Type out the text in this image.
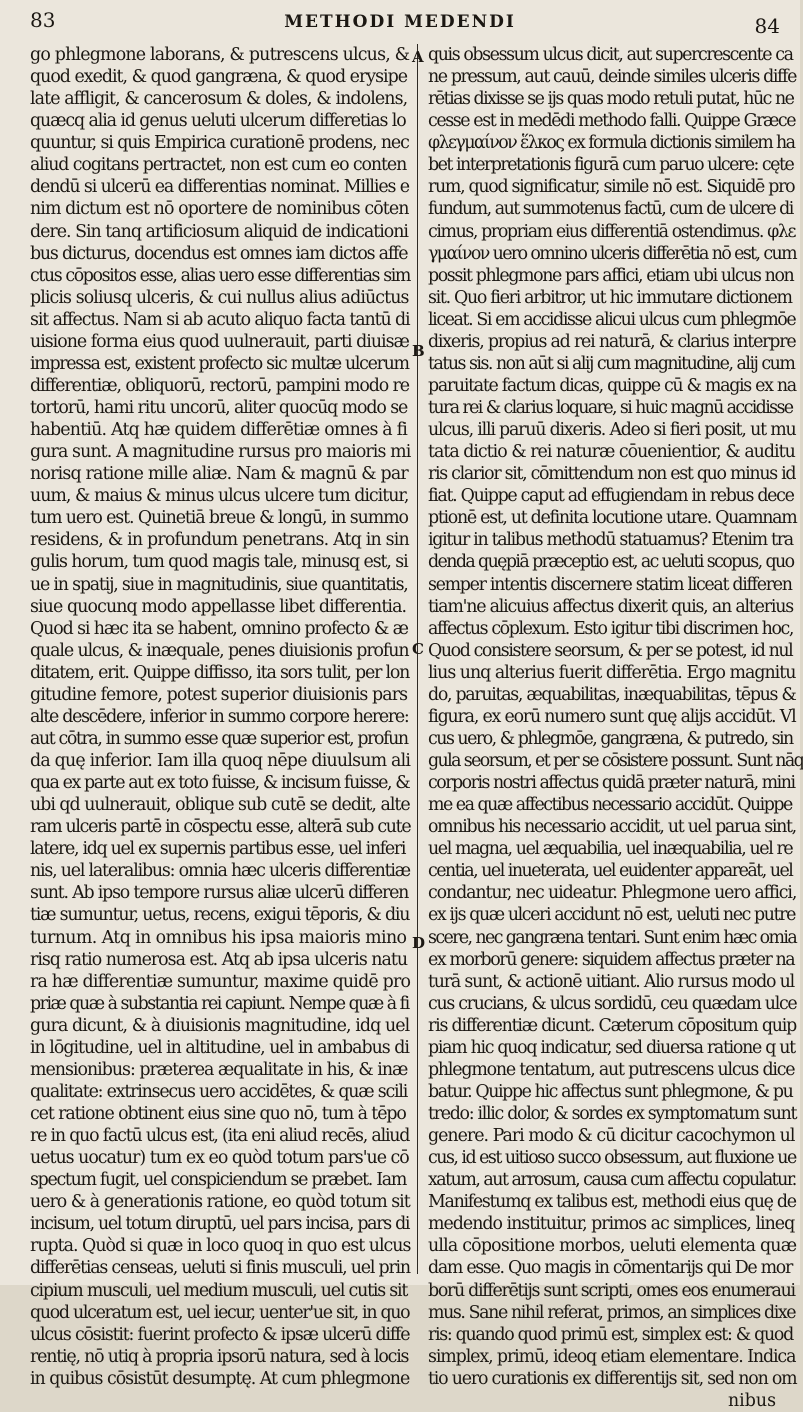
83	METHODI MEDENDI	84
go phlegmone laborans, & putrescens ulcus, &
quod exedit, & quod gangræna, & quod erysipe
late affligit, & cancerosum & doles, & indolens,
quæcq alia id genus ueluti ulcerum differetias lo
quuntur, si quis Empirica curationē prodens, nec
aliud cogitans pertractet, non est cum eo conten
dendū si ulcerū ea differentias nominat. Millies e
nim dictum est nō oportere de nominibus cōten
dere. Sin tanq artificiosum aliquid de indicationi
bus dicturus, docendus est omnes iam dictos affe
ctus cōpositos esse, alias uero esse differentias sim
plicis soliusq ulceris, & cui nullus alius adiūctus
sit affectus. Nam si ab acuto aliquo facta tantū di
uisione forma eius quod uulnerauit, parti diuisæ
impressa est, existent profecto sic multæ ulcerum
differentiæ, obliquorū, rectorū, pampini modo re
tortorū, hami ritu uncorū, aliter quocūq modo se
habentiū. Atq hæ quidem differētiæ omnes à fi
gura sunt. A magnitudine rursus pro maioris mi
norisq ratione mille aliæ. Nam & magnū & par
uum, & maius & minus ulcus ulcere tum dicitur,
tum uero est. Quinetiā breue & longū, in summo
residens, & in profundum penetrans. Atq in sin
gulis horum, tum quod magis tale, minusq est, si
ue in spatij, siue in magnitudinis, siue quantitatis,
siue quocunq modo appellasse libet differentia.
Quod si hæc ita se habent, omnino profecto & æ
quale ulcus, & inæquale, penes diuisionis profun
ditatem, erit. Quippe diffisso, ita sors tulit, per lon
gitudine femore, potest superior diuisionis pars
alte descēdere, inferior in summo corpore herere:
aut cōtra, in summo esse quæ superior est, profun
da quę inferior. Iam illa quoq nēpe diuulsum ali
qua ex parte aut ex toto fuisse, & incisum fuisse, &
ubi qd uulnerauit, oblique sub cutē se dedit, alte
ram ulceris partē in cōspectu esse, alterā sub cute
latere, idq uel ex supernis partibus esse, uel inferi
nis, uel lateralibus: omnia hæc ulceris differentiæ
sunt. Ab ipso tempore rursus aliæ ulcerū differen
tiæ sumuntur, uetus, recens, exigui tēporis, & diu
turnum. Atq in omnibus his ipsa maioris mino
risq ratio numerosa est. Atq ab ipsa ulceris natu
ra hæ differentiæ sumuntur, maxime quidē pro
priæ quæ à substantia rei capiunt. Nempe quæ à fi
gura dicunt, & à diuisionis magnitudine, idq uel
in lōgitudine, uel in altitudine, uel in ambabus di
mensionibus: præterea æqualitate in his, & inæ
qualitate: extrinsecus uero accidētes, & quæ scili
cet ratione obtinent eius sine quo nō, tum à tēpo
re in quo factū ulcus est, (ita eni aliud recēs, aliud
uetus uocatur) tum ex eo quòd totum pars'ue cō
spectum fugit, uel conspiciendum se præbet. Iam
uero & à generationis ratione, eo quòd totum sit
incisum, uel totum diruptū, uel pars incisa, pars di
rupta. Quòd si quæ in loco quoq in quo est ulcus
differētias censeas, ueluti si finis musculi, uel prin
cipium musculi, uel medium musculi, uel cutis sit
quod ulceratum est, uel iecur, uenter'ue sit, in quo
ulcus cōsistit: fuerint profecto & ipsæ ulcerū diffe
rentię, nō utiq à propria ipsorū natura, sed à locis
in quibus cōsistūt desumptę. At cum phlegmone
A
B
C
D
quis obsessum ulcus dicit, aut supercrescente ca
ne pressum, aut cauū, deinde similes ulceris diffe
rētias dixisse se ijs quas modo retuli putat, hūc ne
cesse est in medēdi methodo falli. Quippe Græce
φλεγμαίνον ἕλκος ex formula dictionis similem ha
bet interpretationis figurā cum paruo ulcere: cęte
rum, quod significatur, simile nō est. Siquidē pro
fundum, aut summotenus factū, cum de ulcere di
cimus, propriam eius differentiā ostendimus. φλε
γμαίνον uero omnino ulceris differētia nō est, cum
possit phlegmone pars affici, etiam ubi ulcus non
sit. Quo fieri arbitror, ut hic immutare dictionem
liceat. Si em accidisse alicui ulcus cum phlegmōe
dixeris, propius ad rei naturā, & clarius interpre
tatus sis. non aūt si alij cum magnitudine, alij cum
paruitate factum dicas, quippe cū & magis ex na
tura rei & clarius loquare, si huic magnū accidisse
ulcus, illi paruū dixeris. Adeo si fieri posit, ut mu
tata dictio & rei naturæ cōuenientior, & auditu
ris clarior sit, cōmittendum non est quo minus id
fiat. Quippe caput ad effugiendam in rebus dece
ptionē est, ut definita locutione utare. Quamnam
igitur in talibus methodū statuamus? Etenim tra
denda quępiā præceptio est, ac ueluti scopus, quo
semper intentis discernere statim liceat differen
tiam'ne alicuius affectus dixerit quis, an alterius
affectus cōplexum. Esto igitur tibi discrimen hoc,
Quod consistere seorsum, & per se potest, id nul
lius unq alterius fuerit differētia. Ergo magnitu
do, paruitas, æquabilitas, inæquabilitas, tēpus &
figura, ex eorū numero sunt quę alijs accidūt. Vl
cus uero, & phlegmōe, gangræna, & putredo, sin
gula seorsum, et per se cōsistere possunt. Sunt nāq
corporis nostri affectus quidā præter naturā, mini
me ea quæ affectibus necessario accidūt. Quippe
omnibus his necessario accidit, ut uel parua sint,
uel magna, uel æquabilia, uel inæquabilia, uel re
centia, uel inueterata, uel euidenter appareāt, uel
condantur, nec uideatur. Phlegmone uero affici,
ex ijs quæ ulceri accidunt nō est, ueluti nec putre
scere, nec gangræna tentari. Sunt enim hæc omia
ex morborū genere: siquidem affectus præter na
turā sunt, & actionē uitiant. Alio rursus modo ul
cus crucians, & ulcus sordidū, ceu quædam ulce
ris differentiæ dicunt. Cæterum cōpositum quip
piam hic quoq indicatur, sed diuersa ratione q ut
phlegmone tentatum, aut putrescens ulcus dice
batur. Quippe hic affectus sunt phlegmone, & pu
tredo: illic dolor, & sordes ex symptomatum sunt
genere. Pari modo & cū dicitur cacochymon ul
cus, id est uitioso succo obsessum, aut fluxione ue
xatum, aut arrosum, causa cum affectu copulatur.
Manifestumq ex talibus est, methodi eius quę de
medendo instituitur, primos ac simplices, lineq
ulla cōpositione morbos, ueluti elementa quæ
dam esse. Quo magis in cōmentarijs qui De mor
borū differētijs sunt scripti, omes eos enumeraui
mus. Sane nihil referat, primos, an simplices dixe
ris: quando quod primū est, simplex est: & quod
simplex, primū, ideoq etiam elementare. Indica
tio uero curationis ex differentijs sit, sed non om
nibus
